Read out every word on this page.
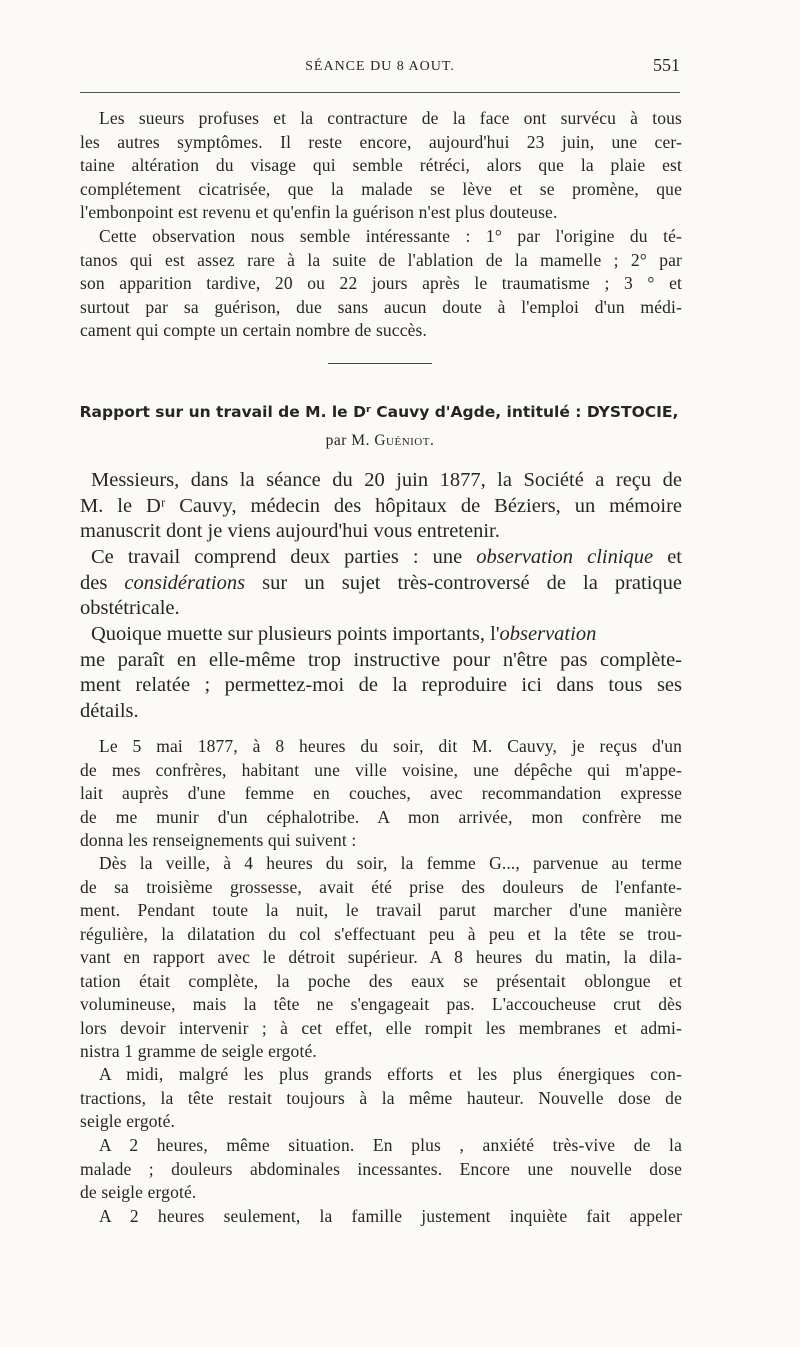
SÉANCE DU 8 AOUT.	551
Les sueurs profuses et la contracture de la face ont survécu à tous
les autres symptômes. Il reste encore, aujourd'hui 23 juin, une cer-
taine altération du visage qui semble rétréci, alors que la plaie est
complétement cicatrisée, que la malade se lève et se promène, que
l'embonpoint est revenu et qu'enfin la guérison n'est plus douteuse.
Cette observation nous semble intéressante : 1° par l'origine du té-
tanos qui est assez rare à la suite de l'ablation de la mamelle ; 2° par
son apparition tardive, 20 ou 22 jours après le traumatisme ; 3 ° et
surtout par sa guérison, due sans aucun doute à l'emploi d'un médi-
cament qui compte un certain nombre de succès.
Rapport sur un travail de M. le Dʳ Cauvy d'Agde, intitulé : DYSTOCIE,
par M. Guéniot.
Messieurs, dans la séance du 20 juin 1877, la Société a reçu de
M. le Dʳ Cauvy, médecin des hôpitaux de Béziers, un mémoire
manuscrit dont je viens aujourd'hui vous entretenir.
Ce travail comprend deux parties : une observation clinique et
des considérations sur un sujet très-controversé de la pratique
obstétricale.
Quoique muette sur plusieurs points importants, l'observation
me paraît en elle-même trop instructive pour n'être pas complète-
ment relatée ; permettez-moi de la reproduire ici dans tous ses
détails.
Le 5 mai 1877, à 8 heures du soir, dit M. Cauvy, je reçus d'un
de mes confrères, habitant une ville voisine, une dépêche qui m'appe-
lait auprès d'une femme en couches, avec recommandation expresse
de me munir d'un céphalotribe. A mon arrivée, mon confrère me
donna les renseignements qui suivent :
Dès la veille, à 4 heures du soir, la femme G..., parvenue au terme
de sa troisième grossesse, avait été prise des douleurs de l'enfante-
ment. Pendant toute la nuit, le travail parut marcher d'une manière
régulière, la dilatation du col s'effectuant peu à peu et la tête se trou-
vant en rapport avec le détroit supérieur. A 8 heures du matin, la dila-
tation était complète, la poche des eaux se présentait oblongue et
volumineuse, mais la tête ne s'engageait pas. L'accoucheuse crut dès
lors devoir intervenir ; à cet effet, elle rompit les membranes et admi-
nistra 1 gramme de seigle ergoté.
A midi, malgré les plus grands efforts et les plus énergiques con-
tractions, la tête restait toujours à la même hauteur. Nouvelle dose de
seigle ergoté.
A 2 heures, même situation. En plus , anxiété très-vive de la
malade ; douleurs abdominales incessantes. Encore une nouvelle dose
de seigle ergoté.
A 2 heures seulement, la famille justement inquiète fait appeler
